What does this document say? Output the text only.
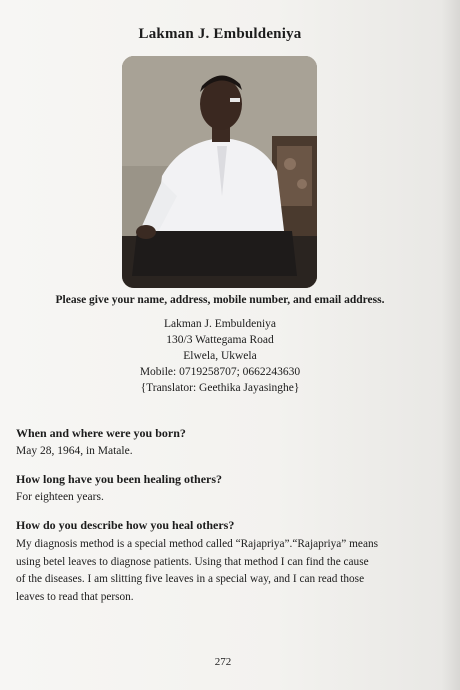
Lakman J. Embuldeniya
Please give your name, address, mobile number, and email address.
Lakman J. Embuldeniya
130/3 Wattegama Road
Elwela, Ukwela
Mobile: 0719258707; 0662243630
{Translator: Geethika Jayasinghe}
When and where were you born?
May 28, 1964, in Matale.
How long have you been healing others?
For eighteen years.
How do you describe how you heal others?
My diagnosis method is a special method called “Rajapriya”.“Rajapriya” means
using betel leaves to diagnose patients. Using that method I can find the cause
of the diseases. I am slitting five leaves in a special way, and I can read those
leaves to read that person.
272
